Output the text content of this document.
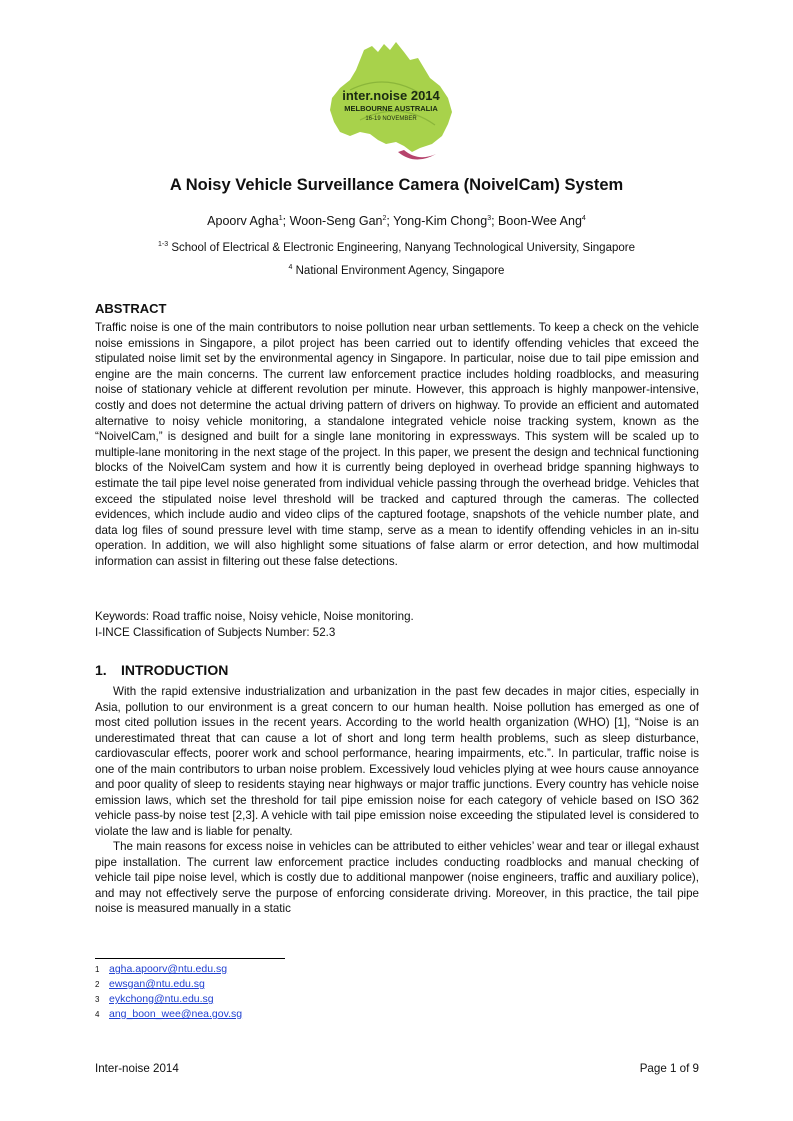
inter.noise 2014
MELBOURNE AUSTRALIA
16-19 NOVEMBER
A Noisy Vehicle Surveillance Camera (NoivelCam) System

Apoorv Agha$^1$; Woon-Seng Gan$^2$; Yong-Kim Chong$^3$; Boon-Wee Ang$^4$

$^{1-3}$ School of Electrical & Electronic Engineering, Nanyang Technological University, Singapore

$^4$ National Environment Agency, Singapore

ABSTRACT

Traffic noise is one of the main contributors to noise pollution near urban settlements. To keep a check on the vehicle noise emissions in Singapore, a pilot project has been carried out to identify offending vehicles that exceed the stipulated noise limit set by the environmental agency in Singapore. In particular, noise due to tail pipe emission and engine are the main concerns. The current law enforcement practice includes holding roadblocks, and measuring noise of stationary vehicle at different revolution per minute. However, this approach is highly manpower-intensive, costly and does not determine the actual driving pattern of drivers on highway. To provide an efficient and automated alternative to noisy vehicle monitoring, a standalone integrated vehicle noise tracking system, known as the “NoivelCam,” is designed and built for a single lane monitoring in expressways. This system will be scaled up to multiple-lane monitoring in the next stage of the project. In this paper, we present the design and technical functioning blocks of the NoivelCam system and how it is currently being deployed in overhead bridge spanning highways to estimate the tail pipe level noise generated from individual vehicle passing through the overhead bridge. Vehicles that exceed the stipulated noise level threshold will be tracked and captured through the cameras. The collected evidences, which include audio and video clips of the captured footage, snapshots of the vehicle number plate, and data log files of sound pressure level with time stamp, serve as a mean to identify offending vehicles in an in-situ operation. In addition, we will also highlight some situations of false alarm or error detection, and how multimodal information can assist in filtering out these false detections.

Keywords: Road traffic noise, Noisy vehicle, Noise monitoring.

I-INCE Classification of Subjects Number: 52.3

1. INTRODUCTION

With the rapid extensive industrialization and urbanization in the past few decades in major cities, especially in Asia, pollution to our environment is a great concern to our human health. Noise pollution has emerged as one of most cited pollution issues in the recent years. According to the world health organization (WHO) [1], “Noise is an underestimated threat that can cause a lot of short and long term health problems, such as sleep disturbance, cardiovascular effects, poorer work and school performance, hearing impairments, etc.”. In particular, traffic noise is one of the main contributors to urban noise problem. Excessively loud vehicles plying at wee hours cause annoyance and poor quality of sleep to residents staying near highways or major traffic junctions. Every country has vehicle noise emission laws, which set the threshold for tail pipe emission noise for each category of vehicle based on ISO 362 vehicle pass-by noise test [2,3]. A vehicle with tail pipe emission noise exceeding the stipulated level is considered to violate the law and is liable for penalty.

The main reasons for excess noise in vehicles can be attributed to either vehicles’ wear and tear or illegal exhaust pipe installation. The current law enforcement practice includes conducting roadblocks and manual checking of vehicle tail pipe noise level, which is costly due to additional manpower (noise engineers, traffic and auxiliary police), and may not effectively serve the purpose of enforcing considerate driving. Moreover, in this practice, the tail pipe noise is measured manually in a static

1 agha.apoorv@ntu.edu.sg
2 ewsgan@ntu.edu.sg
3 eykchong@ntu.edu.sg
4 ang_boon_wee@nea.gov.sg

Inter-noise 2014	Page 1 of 9
